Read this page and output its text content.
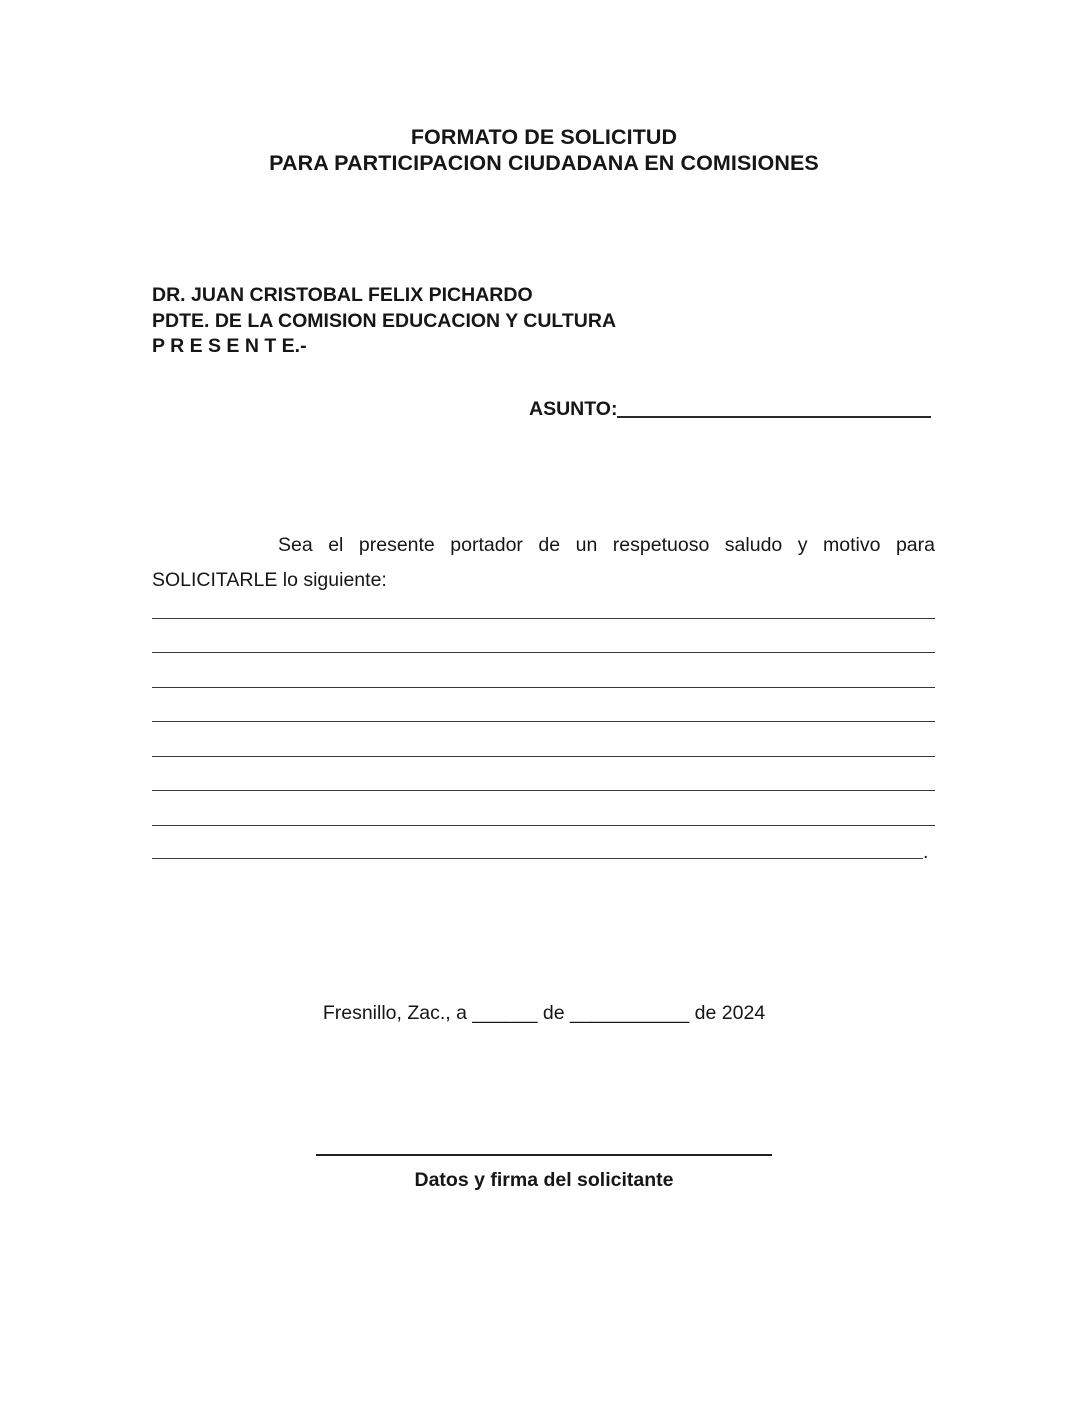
FORMATO DE SOLICITUD
PARA PARTICIPACION CIUDADANA EN COMISIONES
DR. JUAN CRISTOBAL FELIX PICHARDO
PDTE. DE LA COMISION EDUCACION Y CULTURA
P R E S E N T E.-
ASUNTO:
Sea el presente portador de un respetuoso saludo y motivo para
SOLICITARLE lo siguiente:
.
Fresnillo, Zac., a ______ de ___________ de 2024
Datos y firma del solicitante
